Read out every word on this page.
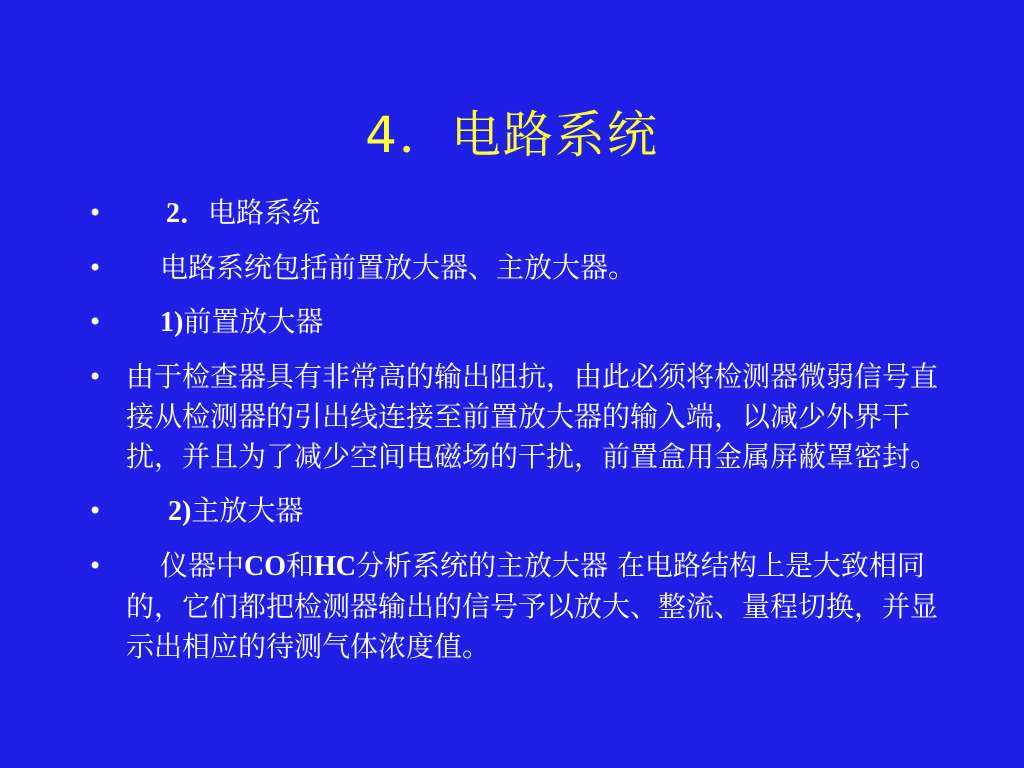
4．电路系统
•	2．电路系统
•	电路系统包括前置放大器、主放大器。
•	1)前置放大器
• 由于检查器具有非常高的输出阻抗，由此必须将检测器微弱信号直接从检测器的引出线连接至前置放大器的输入端，以减少外界干扰，并且为了减少空间电磁场的干扰，前置盒用金属屏蔽罩密封。
•	2)主放大器
•	仪器中CO和HC分析系统的主放大器 在电路结构上是大致相同的，它们都把检测器输出的信号予以放大、整流、量程切换，并显示出相应的待测气体浓度值。
